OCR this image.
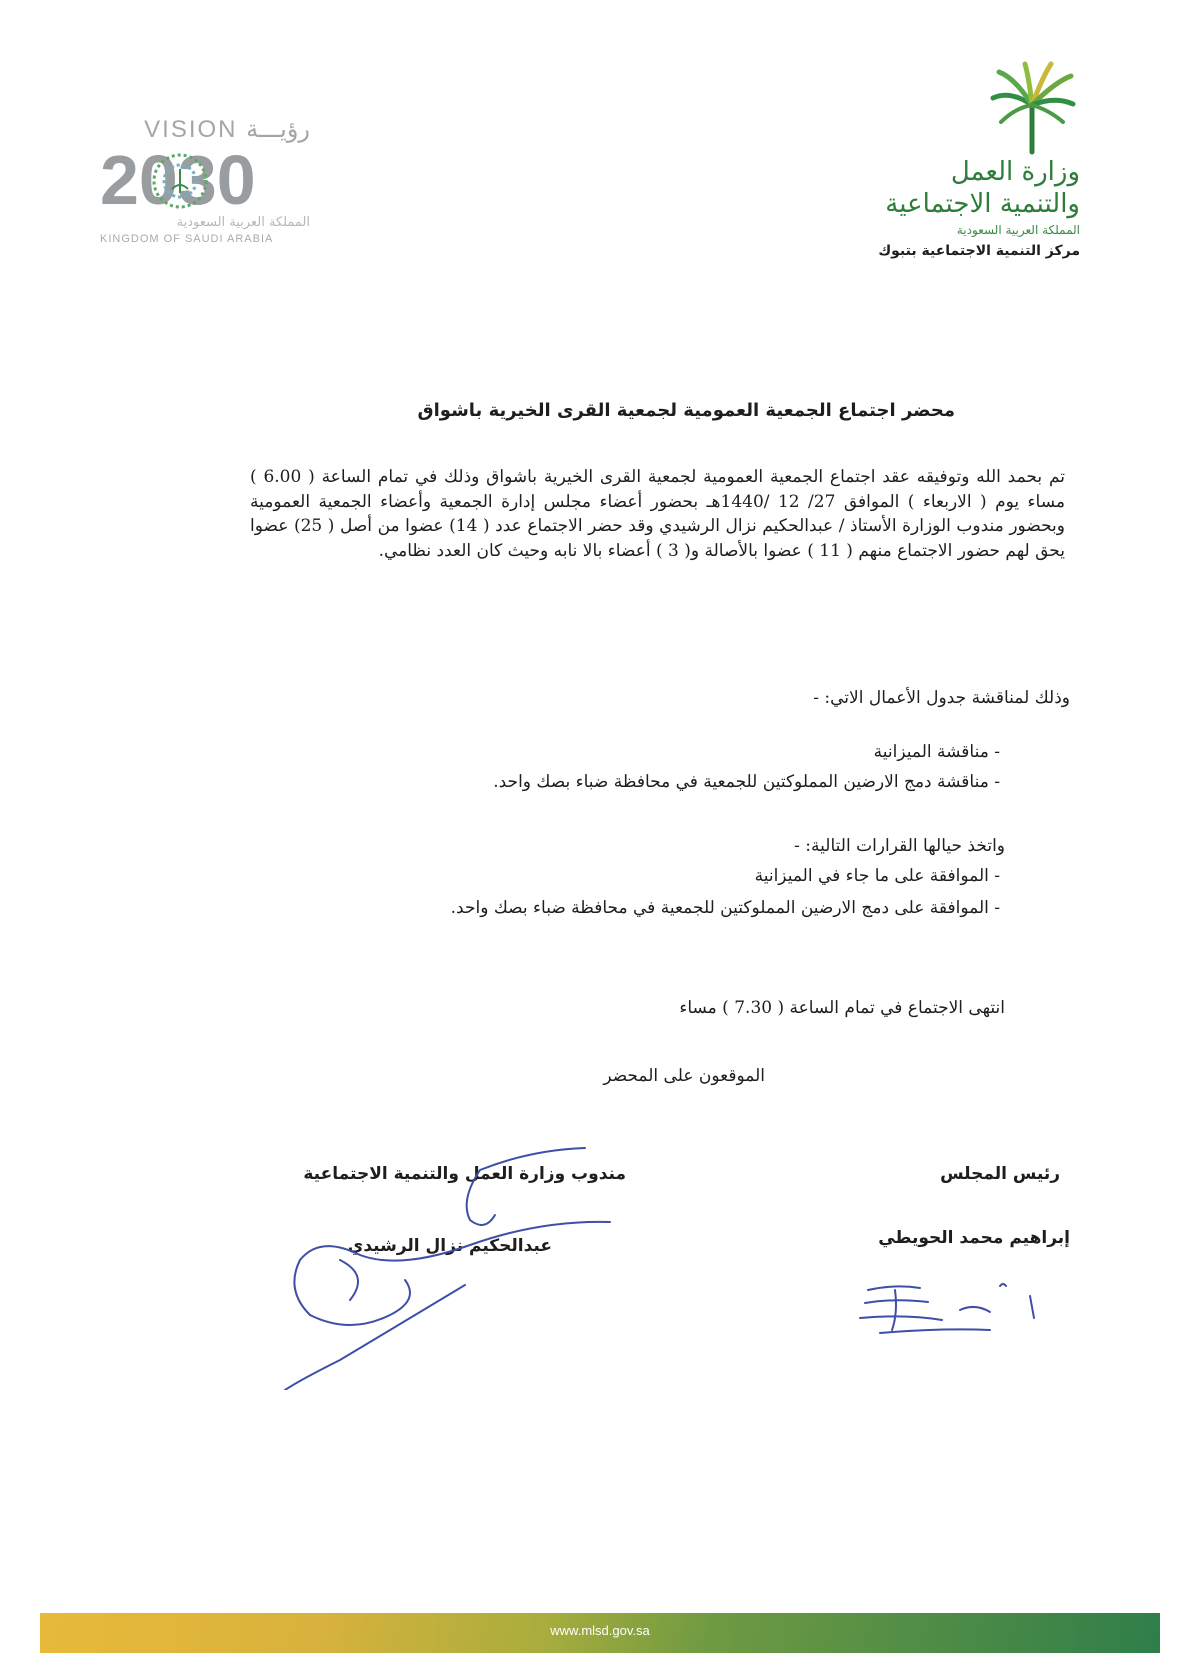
VISION رؤيـــة
2030
المملكة العربية السعودية
KINGDOM OF SAUDI ARABIA
وزارة العمل
والتنمية الاجتماعية
المملكة العربية السعودية
مركز التنمية الاجتماعية بتبوك
محضر اجتماع الجمعية العمومية لجمعية القرى الخيرية باشواق
تم بحمد الله وتوفيقه عقد اجتماع الجمعية العمومية لجمعية القرى الخيرية باشواق وذلك في تمام الساعة ( 6.00 ) مساء يوم ( الاربعاء ) الموافق 27/ 12 /1440هـ بحضور أعضاء مجلس إدارة الجمعية وأعضاء الجمعية العمومية وبحضور مندوب الوزارة الأستاذ / عبدالحكيم نزال الرشيدي وقد حضر الاجتماع عدد ( 14) عضوا من أصل ( 25) عضوا يحق لهم حضور الاجتماع منهم ( 11 ) عضوا بالأصالة و( 3 ) أعضاء بالا نابه وحيث كان العدد نظامي.
وذلك لمناقشة جدول الأعمال الاتي: -
- مناقشة الميزانية
- مناقشة دمج الارضين المملوكتين للجمعية في محافظة ضباء بصك واحد.
واتخذ حيالها القرارات التالية: -
- الموافقة على ما جاء في الميزانية
- الموافقة على دمج الارضين المملوكتين للجمعية في محافظة ضباء بصك واحد.
انتهى الاجتماع في تمام الساعة ( 7.30 ) مساء
الموقعون على المحضر
رئيس المجلس
إبراهيم محمد الحويطي
مندوب وزارة العمل والتنمية الاجتماعية
عبدالحكيم نزال الرشيدي
www.mlsd.gov.sa
